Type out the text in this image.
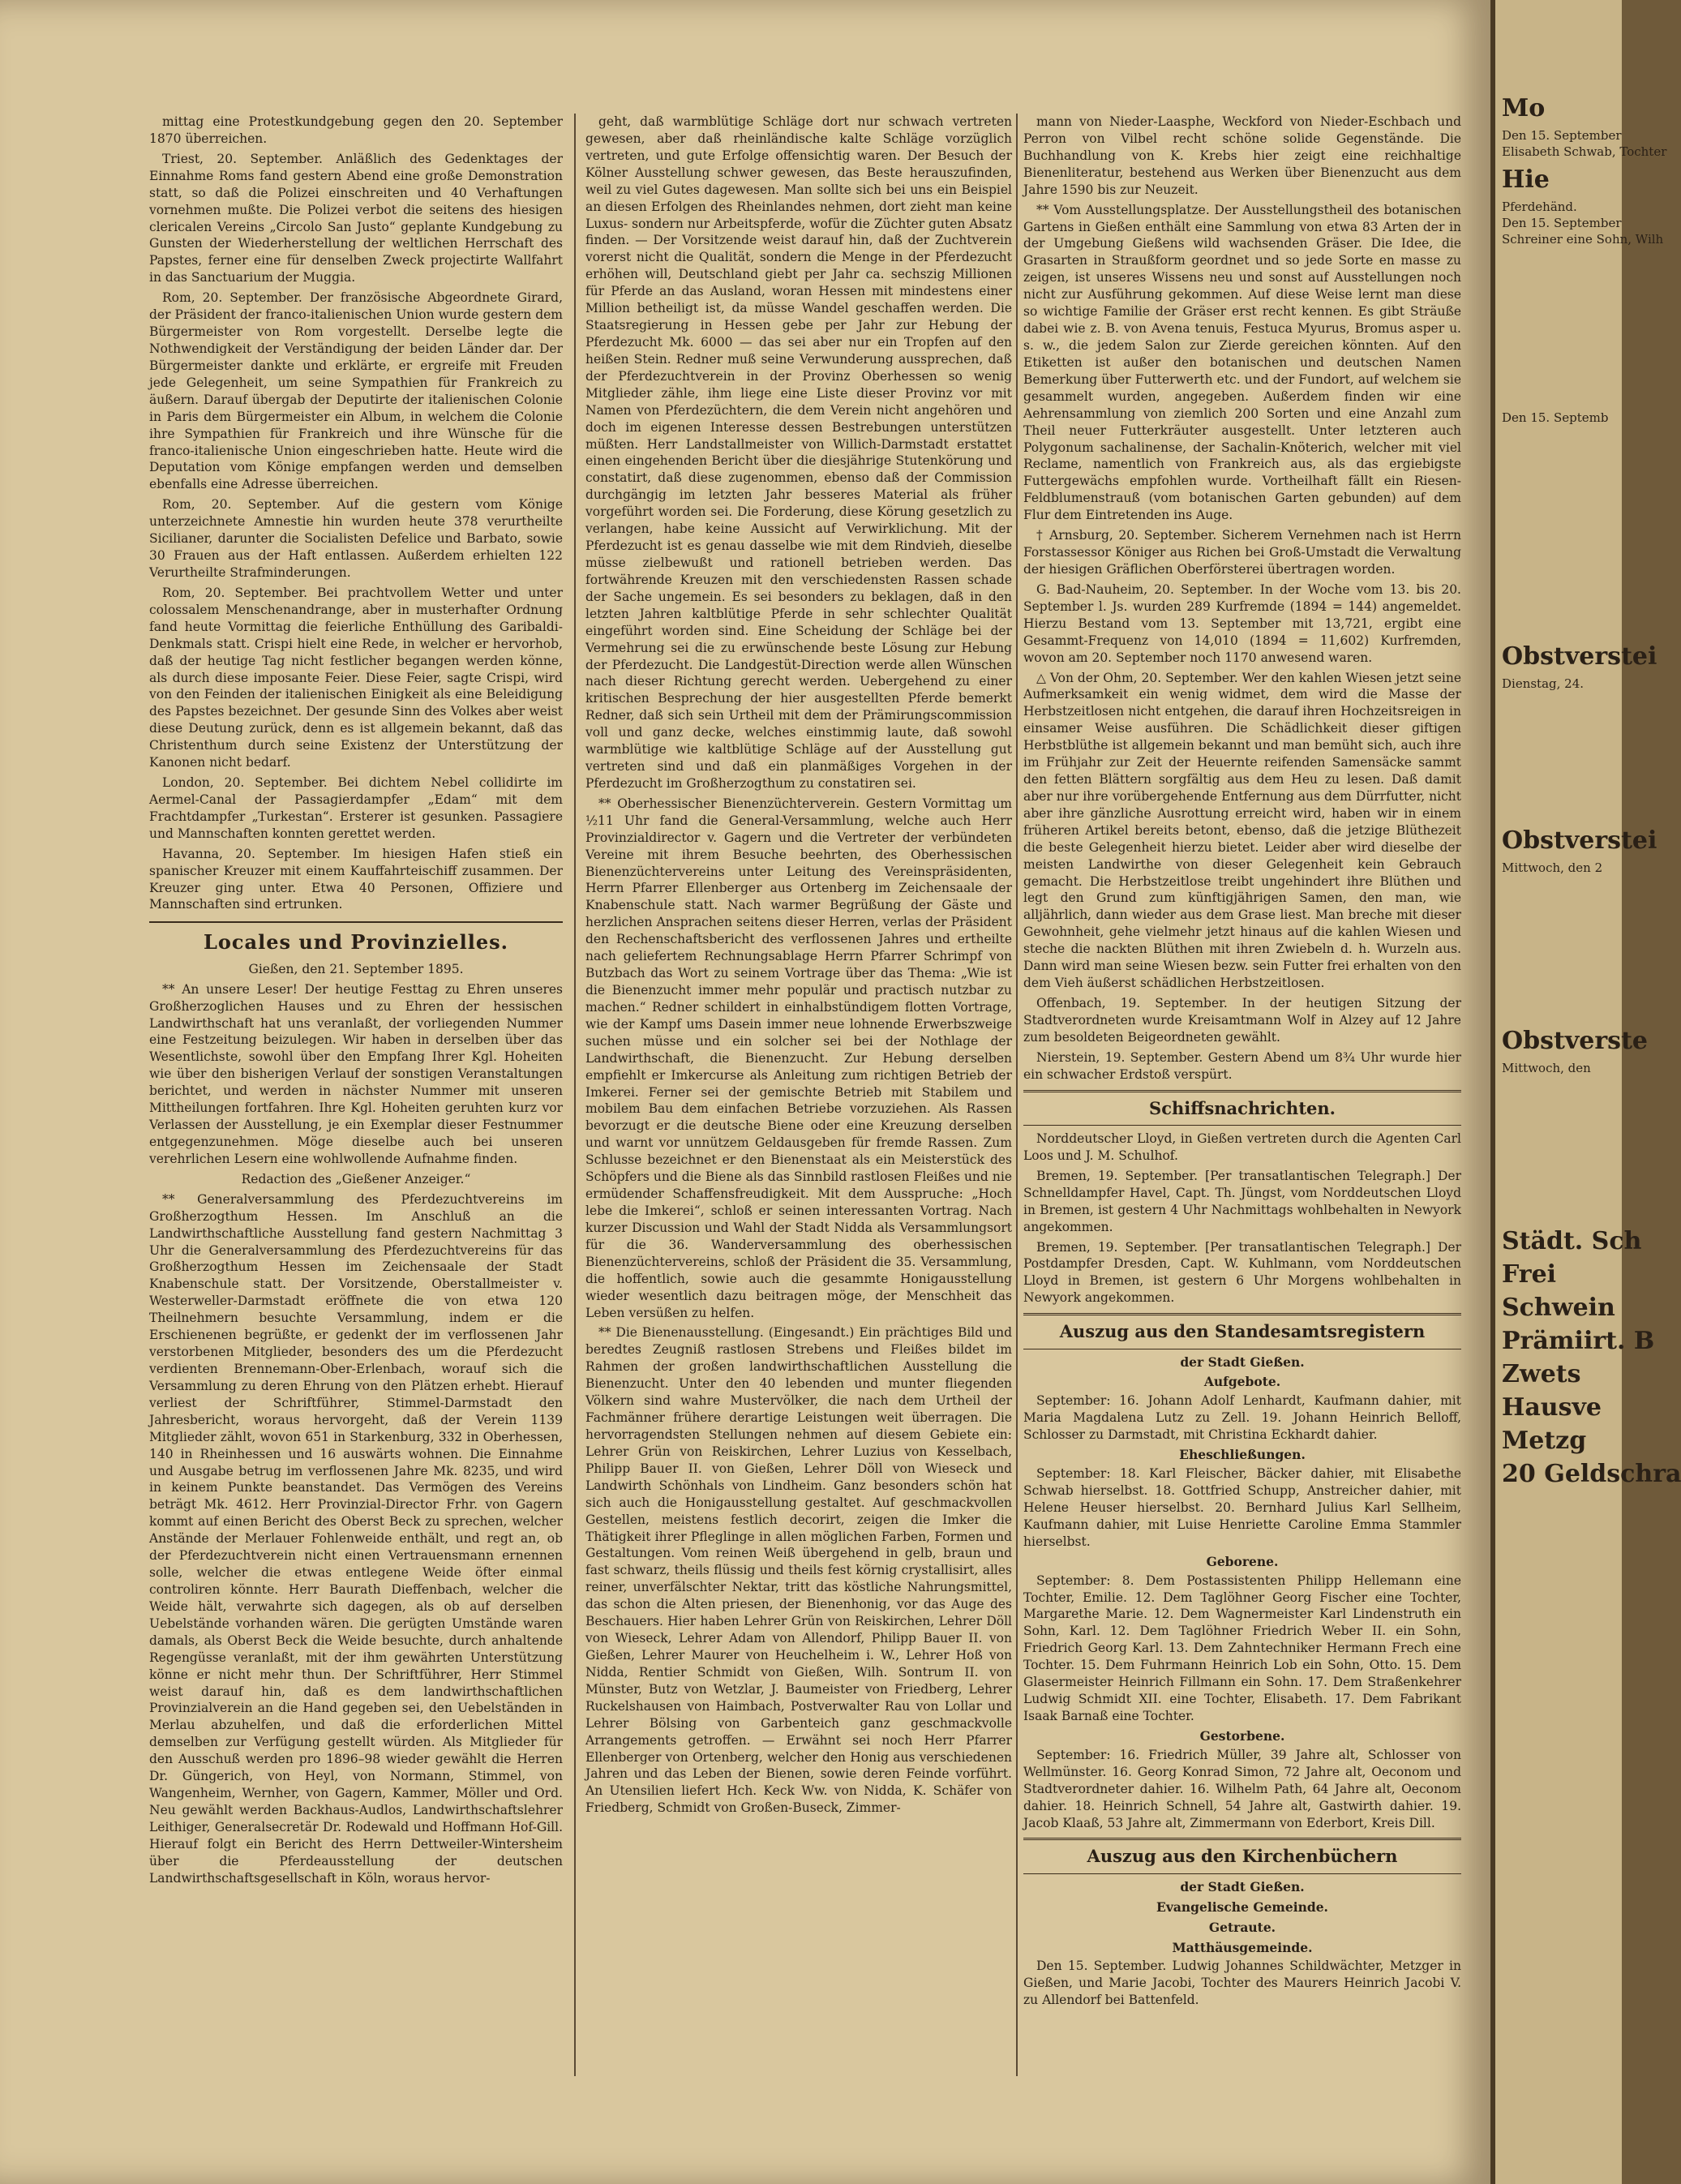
mittag eine Protestkundgebung gegen den 20. September 1870 überreichen.

Triest, 20. September. Anläßlich des Gedenktages der Einnahme Roms fand gestern Abend eine große Demonstration statt, so daß die Polizei einschreiten und 40 Verhaftungen vornehmen mußte. Die Polizei verbot die seitens des hiesigen clericalen Vereins „Circolo San Justo“ geplante Kundgebung zu Gunsten der Wiederherstellung der weltlichen Herrschaft des Papstes, ferner eine für denselben Zweck projectirte Wallfahrt in das Sanctuarium der Muggia.

Rom, 20. September. Der französische Abgeordnete Girard, der Präsident der franco-italienischen Union wurde gestern dem Bürgermeister von Rom vorgestellt. Derselbe legte die Nothwendigkeit der Verständigung der beiden Länder dar. Der Bürgermeister dankte und erklärte, er ergreife mit Freuden jede Gelegenheit, um seine Sympathien für Frankreich zu äußern. Darauf übergab der Deputirte der italienischen Colonie in Paris dem Bürgermeister ein Album, in welchem die Colonie ihre Sympathien für Frankreich und ihre Wünsche für die franco-italienische Union eingeschrieben hatte. Heute wird die Deputation vom Könige empfangen werden und demselben ebenfalls eine Adresse überreichen.

Rom, 20. September. Auf die gestern vom Könige unterzeichnete Amnestie hin wurden heute 378 verurtheilte Sicilianer, darunter die Socialisten Defelice und Barbato, sowie 30 Frauen aus der Haft entlassen. Außerdem erhielten 122 Verurtheilte Strafminderungen.

Rom, 20. September. Bei prachtvollem Wetter und unter colossalem Menschenandrange, aber in musterhafter Ordnung fand heute Vormittag die feierliche Enthüllung des Garibaldi-Denkmals statt. Crispi hielt eine Rede, in welcher er hervorhob, daß der heutige Tag nicht festlicher begangen werden könne, als durch diese imposante Feier. Diese Feier, sagte Crispi, wird von den Feinden der italienischen Einigkeit als eine Beleidigung des Papstes bezeichnet. Der gesunde Sinn des Volkes aber weist diese Deutung zurück, denn es ist allgemein bekannt, daß das Christenthum durch seine Existenz der Unterstützung der Kanonen nicht bedarf.

London, 20. September. Bei dichtem Nebel collidirte im Aermel-Canal der Passagierdampfer „Edam“ mit dem Frachtdampfer „Turkestan“. Ersterer ist gesunken. Passagiere und Mannschaften konnten gerettet werden.

Havanna, 20. September. Im hiesigen Hafen stieß ein spanischer Kreuzer mit einem Kauffahrteischiff zusammen. Der Kreuzer ging unter. Etwa 40 Personen, Offiziere und Mannschaften sind ertrunken.

Locales und Provinzielles.
Gießen, den 21. September 1895.

** An unsere Leser! Der heutige Festtag zu Ehren unseres Großherzoglichen Hauses und zu Ehren der hessischen Landwirthschaft hat uns veranlaßt, der vorliegenden Nummer eine Festzeitung beizulegen. Wir haben in derselben über das Wesentlichste, sowohl über den Empfang Ihrer Kgl. Hoheiten wie über den bisherigen Verlauf der sonstigen Veranstaltungen berichtet, und werden in nächster Nummer mit unseren Mittheilungen fortfahren. Ihre Kgl. Hoheiten geruhten kurz vor Verlassen der Ausstellung, je ein Exemplar dieser Festnummer entgegenzunehmen. Möge dieselbe auch bei unseren verehrlichen Lesern eine wohlwollende Aufnahme finden.

Redaction des „Gießener Anzeiger.“

** Generalversammlung des Pferdezuchtvereins im Großherzogthum Hessen. Im Anschluß an die Landwirthschaftliche Ausstellung fand gestern Nachmittag 3 Uhr die Generalversammlung des Pferdezuchtvereins für das Großherzogthum Hessen im Zeichensaale der Stadt Knabenschule statt. Der Vorsitzende, Oberstallmeister v. Westerweller-Darmstadt eröffnete die von etwa 120 Theilnehmern besuchte Versammlung, indem er die Erschienenen begrüßte, er gedenkt der im verflossenen Jahr verstorbenen Mitglieder, besonders des um die Pferdezucht verdienten Brennemann-Ober-Erlenbach, worauf sich die Versammlung zu deren Ehrung von den Plätzen erhebt. Hierauf verliest der Schriftführer, Stimmel-Darmstadt den Jahresbericht, woraus hervorgeht, daß der Verein 1139 Mitglieder zählt, wovon 651 in Starkenburg, 332 in Oberhessen, 140 in Rheinhessen und 16 auswärts wohnen. Die Einnahme und Ausgabe betrug im verflossenen Jahre Mk. 8235, und wird in keinem Punkte beanstandet. Das Vermögen des Vereins beträgt Mk. 4612. Herr Provinzial-Director Frhr. von Gagern kommt auf einen Bericht des Oberst Beck zu sprechen, welcher Anstände der Merlauer Fohlenweide enthält, und regt an, ob der Pferdezuchtverein nicht einen Vertrauensmann ernennen solle, welcher die etwas entlegene Weide öfter einmal controliren könnte. Herr Baurath Dieffenbach, welcher die Weide hält, verwahrte sich dagegen, als ob auf derselben Uebelstände vorhanden wären. Die gerügten Umstände waren damals, als Oberst Beck die Weide besuchte, durch anhaltende Regengüsse veranlaßt, mit der ihm gewährten Unterstützung könne er nicht mehr thun. Der Schriftführer, Herr Stimmel weist darauf hin, daß es dem landwirthschaftlichen Provinzialverein an die Hand gegeben sei, den Uebelständen in Merlau abzuhelfen, und daß die erforderlichen Mittel demselben zur Verfügung gestellt würden. Als Mitglieder für den Ausschuß werden pro 1896–98 wieder gewählt die Herren Dr. Güngerich, von Heyl, von Normann, Stimmel, von Wangenheim, Wernher, von Gagern, Kammer, Möller und Ord. Neu gewählt werden Backhaus-Audlos, Landwirthschaftslehrer Leithiger, Generalsecretär Dr. Rodewald und Hoffmann Hof-Gill. Hierauf folgt ein Bericht des Herrn Dettweiler-Wintersheim über die Pferdeausstellung der deutschen Landwirthschaftsgesellschaft in Köln, woraus hervor-

geht, daß warmblütige Schläge dort nur schwach vertreten gewesen, aber daß rheinländische kalte Schläge vorzüglich vertreten, und gute Erfolge offensichtig waren. Der Besuch der Kölner Ausstellung schwer gewesen, das Beste herauszufinden, weil zu viel Gutes dagewesen. Man sollte sich bei uns ein Beispiel an diesen Erfolgen des Rheinlandes nehmen, dort zieht man keine Luxus- sondern nur Arbeitspferde, wofür die Züchter guten Absatz finden. — Der Vorsitzende weist darauf hin, daß der Zuchtverein vorerst nicht die Qualität, sondern die Menge in der Pferdezucht erhöhen will, Deutschland giebt per Jahr ca. sechszig Millionen für Pferde an das Ausland, woran Hessen mit mindestens einer Million betheiligt ist, da müsse Wandel geschaffen werden. Die Staatsregierung in Hessen gebe per Jahr zur Hebung der Pferdezucht Mk. 6000 — das sei aber nur ein Tropfen auf den heißen Stein. Redner muß seine Verwunderung aussprechen, daß der Pferdezuchtverein in der Provinz Oberhessen so wenig Mitglieder zähle, ihm liege eine Liste dieser Provinz vor mit Namen von Pferdezüchtern, die dem Verein nicht angehören und doch im eigenen Interesse dessen Bestrebungen unterstützen müßten. Herr Landstallmeister von Willich-Darmstadt erstattet einen eingehenden Bericht über die diesjährige Stutenkörung und constatirt, daß diese zugenommen, ebenso daß der Commission durchgängig im letzten Jahr besseres Material als früher vorgeführt worden sei. Die Forderung, diese Körung gesetzlich zu verlangen, habe keine Aussicht auf Verwirklichung. Mit der Pferdezucht ist es genau dasselbe wie mit dem Rindvieh, dieselbe müsse zielbewußt und rationell betrieben werden. Das fortwährende Kreuzen mit den verschiedensten Rassen schade der Sache ungemein. Es sei besonders zu beklagen, daß in den letzten Jahren kaltblütige Pferde in sehr schlechter Qualität eingeführt worden sind. Eine Scheidung der Schläge bei der Vermehrung sei die zu erwünschende beste Lösung zur Hebung der Pferdezucht. Die Landgestüt-Direction werde allen Wünschen nach dieser Richtung gerecht werden. Uebergehend zu einer kritischen Besprechung der hier ausgestellten Pferde bemerkt Redner, daß sich sein Urtheil mit dem der Prämirungscommission voll und ganz decke, welches einstimmig laute, daß sowohl warmblütige wie kaltblütige Schläge auf der Ausstellung gut vertreten sind und daß ein planmäßiges Vorgehen in der Pferdezucht im Großherzogthum zu constatiren sei.

** Oberhessischer Bienenzüchterverein. Gestern Vormittag um ½11 Uhr fand die General-Versammlung, welche auch Herr Provinzialdirector v. Gagern und die Vertreter der verbündeten Vereine mit ihrem Besuche beehrten, des Oberhessischen Bienenzüchtervereins unter Leitung des Vereinspräsidenten, Herrn Pfarrer Ellenberger aus Ortenberg im Zeichensaale der Knabenschule statt. Nach warmer Begrüßung der Gäste und herzlichen Ansprachen seitens dieser Herren, verlas der Präsident den Rechenschaftsbericht des verflossenen Jahres und ertheilte nach geliefertem Rechnungsablage Herrn Pfarrer Schrimpf von Butzbach das Wort zu seinem Vortrage über das Thema: „Wie ist die Bienenzucht immer mehr populär und practisch nutzbar zu machen.“ Redner schildert in einhalbstündigem flotten Vortrage, wie der Kampf ums Dasein immer neue lohnende Erwerbszweige suchen müsse und ein solcher sei bei der Nothlage der Landwirthschaft, die Bienenzucht. Zur Hebung derselben empfiehlt er Imkercurse als Anleitung zum richtigen Betrieb der Imkerei. Ferner sei der gemischte Betrieb mit Stabilem und mobilem Bau dem einfachen Betriebe vorzuziehen. Als Rassen bevorzugt er die deutsche Biene oder eine Kreuzung derselben und warnt vor unnützem Geldausgeben für fremde Rassen. Zum Schlusse bezeichnet er den Bienenstaat als ein Meisterstück des Schöpfers und die Biene als das Sinnbild rastlosen Fleißes und nie ermüdender Schaffensfreudigkeit. Mit dem Ausspruche: „Hoch lebe die Imkerei“, schloß er seinen interessanten Vortrag. Nach kurzer Discussion und Wahl der Stadt Nidda als Versammlungsort für die 36. Wanderversammlung des oberhessischen Bienenzüchtervereins, schloß der Präsident die 35. Versammlung, die hoffentlich, sowie auch die gesammte Honigausstellung wieder wesentlich dazu beitragen möge, der Menschheit das Leben versüßen zu helfen.

** Die Bienenausstellung. (Eingesandt.) Ein prächtiges Bild und beredtes Zeugniß rastlosen Strebens und Fleißes bildet im Rahmen der großen landwirthschaftlichen Ausstellung die Bienenzucht. Unter den 40 lebenden und munter fliegenden Völkern sind wahre Mustervölker, die nach dem Urtheil der Fachmänner frühere derartige Leistungen weit überragen. Die hervorragendsten Stellungen nehmen auf diesem Gebiete ein: Lehrer Grün von Reiskirchen, Lehrer Luzius von Kesselbach, Philipp Bauer II. von Gießen, Lehrer Döll von Wieseck und Landwirth Schönhals von Lindheim. Ganz besonders schön hat sich auch die Honigausstellung gestaltet. Auf geschmackvollen Gestellen, meistens festlich decorirt, zeigen die Imker die Thätigkeit ihrer Pfleglinge in allen möglichen Farben, Formen und Gestaltungen. Vom reinen Weiß übergehend in gelb, braun und fast schwarz, theils flüssig und theils fest körnig crystallisirt, alles reiner, unverfälschter Nektar, tritt das köstliche Nahrungsmittel, das schon die Alten priesen, der Bienenhonig, vor das Auge des Beschauers. Hier haben Lehrer Grün von Reiskirchen, Lehrer Döll von Wieseck, Lehrer Adam von Allendorf, Philipp Bauer II. von Gießen, Lehrer Maurer von Heuchelheim i. W., Lehrer Hoß von Nidda, Rentier Schmidt von Gießen, Wilh. Sontrum II. von Münster, Butz von Wetzlar, J. Baumeister von Friedberg, Lehrer Ruckelshausen von Haimbach, Postverwalter Rau von Lollar und Lehrer Bölsing von Garbenteich ganz geschmackvolle Arrangements getroffen. — Erwähnt sei noch Herr Pfarrer Ellenberger von Ortenberg, welcher den Honig aus verschiedenen Jahren und das Leben der Bienen, sowie deren Feinde vorführt. An Utensilien liefert Hch. Keck Ww. von Nidda, K. Schäfer von Friedberg, Schmidt von Großen-Buseck, Zimmer-

mann von Nieder-Laasphe, Weckford von Nieder-Eschbach und Perron von Vilbel recht schöne solide Gegenstände. Die Buchhandlung von K. Krebs hier zeigt eine reichhaltige Bienenliteratur, bestehend aus Werken über Bienenzucht aus dem Jahre 1590 bis zur Neuzeit.

** Vom Ausstellungsplatze. Der Ausstellungstheil des botanischen Gartens in Gießen enthält eine Sammlung von etwa 83 Arten der in der Umgebung Gießens wild wachsenden Gräser. Die Idee, die Grasarten in Straußform geordnet und so jede Sorte en masse zu zeigen, ist unseres Wissens neu und sonst auf Ausstellungen noch nicht zur Ausführung gekommen. Auf diese Weise lernt man diese so wichtige Familie der Gräser erst recht kennen. Es gibt Sträuße dabei wie z. B. von Avena tenuis, Festuca Myurus, Bromus asper u. s. w., die jedem Salon zur Zierde gereichen könnten. Auf den Etiketten ist außer den botanischen und deutschen Namen Bemerkung über Futterwerth etc. und der Fundort, auf welchem sie gesammelt wurden, angegeben. Außerdem finden wir eine Aehrensammlung von ziemlich 200 Sorten und eine Anzahl zum Theil neuer Futterkräuter ausgestellt. Unter letzteren auch Polygonum sachalinense, der Sachalin-Knöterich, welcher mit viel Reclame, namentlich von Frankreich aus, als das ergiebigste Futtergewächs empfohlen wurde. Vortheilhaft fällt ein Riesen-Feldblumenstrauß (vom botanischen Garten gebunden) auf dem Flur dem Eintretenden ins Auge.

† Arnsburg, 20. September. Sicherem Vernehmen nach ist Herrn Forstassessor Königer aus Richen bei Groß-Umstadt die Verwaltung der hiesigen Gräflichen Oberförsterei übertragen worden.

G. Bad-Nauheim, 20. September. In der Woche vom 13. bis 20. September l. Js. wurden 289 Kurfremde (1894 = 144) angemeldet. Hierzu Bestand vom 13. September mit 13,721, ergibt eine Gesammt-Frequenz von 14,010 (1894 = 11,602) Kurfremden, wovon am 20. September noch 1170 anwesend waren.

△ Von der Ohm, 20. September. Wer den kahlen Wiesen jetzt seine Aufmerksamkeit ein wenig widmet, dem wird die Masse der Herbstzeitlosen nicht entgehen, die darauf ihren Hochzeitsreigen in einsamer Weise ausführen. Die Schädlichkeit dieser giftigen Herbstblüthe ist allgemein bekannt und man bemüht sich, auch ihre im Frühjahr zur Zeit der Heuernte reifenden Samensäcke sammt den fetten Blättern sorgfältig aus dem Heu zu lesen. Daß damit aber nur ihre vorübergehende Entfernung aus dem Dürrfutter, nicht aber ihre gänzliche Ausrottung erreicht wird, haben wir in einem früheren Artikel bereits betont, ebenso, daß die jetzige Blüthezeit die beste Gelegenheit hierzu bietet. Leider aber wird dieselbe der meisten Landwirthe von dieser Gelegenheit kein Gebrauch gemacht. Die Herbstzeitlose treibt ungehindert ihre Blüthen und legt den Grund zum künftigjährigen Samen, den man, wie alljährlich, dann wieder aus dem Grase liest. Man breche mit dieser Gewohnheit, gehe vielmehr jetzt hinaus auf die kahlen Wiesen und steche die nackten Blüthen mit ihren Zwiebeln d. h. Wurzeln aus. Dann wird man seine Wiesen bezw. sein Futter frei erhalten von den dem Vieh äußerst schädlichen Herbstzeitlosen.

Offenbach, 19. September. In der heutigen Sitzung der Stadtverordneten wurde Kreisamtmann Wolf in Alzey auf 12 Jahre zum besoldeten Beigeordneten gewählt.

Nierstein, 19. September. Gestern Abend um 8¾ Uhr wurde hier ein schwacher Erdstoß verspürt.

Schiffsnachrichten.

Norddeutscher Lloyd, in Gießen vertreten durch die Agenten Carl Loos und J. M. Schulhof.

Bremen, 19. September. [Per transatlantischen Telegraph.] Der Schnelldampfer Havel, Capt. Th. Jüngst, vom Norddeutschen Lloyd in Bremen, ist gestern 4 Uhr Nachmittags wohlbehalten in Newyork angekommen.

Bremen, 19. September. [Per transatlantischen Telegraph.] Der Postdampfer Dresden, Capt. W. Kuhlmann, vom Norddeutschen Lloyd in Bremen, ist gestern 6 Uhr Morgens wohlbehalten in Newyork angekommen.

Auszug aus den Standesamtsregistern
der Stadt Gießen.
Aufgebote.

September: 16. Johann Adolf Lenhardt, Kaufmann dahier, mit Maria Magdalena Lutz zu Zell. 19. Johann Heinrich Belloff, Schlosser zu Darmstadt, mit Christina Eckhardt dahier.

Eheschließungen.

September: 18. Karl Fleischer, Bäcker dahier, mit Elisabethe Schwab hierselbst. 18. Gottfried Schupp, Anstreicher dahier, mit Helene Heuser hierselbst. 20. Bernhard Julius Karl Sellheim, Kaufmann dahier, mit Luise Henriette Caroline Emma Stammler hierselbst.

Geborene.

September: 8. Dem Postassistenten Philipp Hellemann eine Tochter, Emilie. 12. Dem Taglöhner Georg Fischer eine Tochter, Margarethe Marie. 12. Dem Wagnermeister Karl Lindenstruth ein Sohn, Karl. 12. Dem Taglöhner Friedrich Weber II. ein Sohn, Friedrich Georg Karl. 13. Dem Zahntechniker Hermann Frech eine Tochter. 15. Dem Fuhrmann Heinrich Lob ein Sohn, Otto. 15. Dem Glasermeister Heinrich Fillmann ein Sohn. 17. Dem Straßenkehrer Ludwig Schmidt XII. eine Tochter, Elisabeth. 17. Dem Fabrikant Isaak Barnaß eine Tochter.

Gestorbene.

September: 16. Friedrich Müller, 39 Jahre alt, Schlosser von Wellmünster. 16. Georg Konrad Simon, 72 Jahre alt, Oeconom und Stadtverordneter dahier. 16. Wilhelm Path, 64 Jahre alt, Oeconom dahier. 18. Heinrich Schnell, 54 Jahre alt, Gastwirth dahier. 19. Jacob Klaaß, 53 Jahre alt, Zimmermann von Ederbort, Kreis Dill.

Auszug aus den Kirchenbüchern
der Stadt Gießen.
Evangelische Gemeinde.
Getraute.
Matthäusgemeinde.

Den 15. September. Ludwig Johannes Schildwächter, Metzger in Gießen, und Marie Jacobi, Tochter des Maurers Heinrich Jacobi V. zu Allendorf bei Battenfeld.

Mo
Den 15. September
Elisabeth Schwab, Tochter
Hie
Pferdehänd.
Den 15. September
Schreiner eine Sohn, Wilh
Den 15. Septemb
Obstverstei
Dienstag, 24.
Obstverstei
Mittwoch, den 2
Obstverste
Mittwoch, den
Städt. Sch
Frei
Schwein
Prämiirt. B
Zwets
Hausve
Metzg
20 Geldschra
